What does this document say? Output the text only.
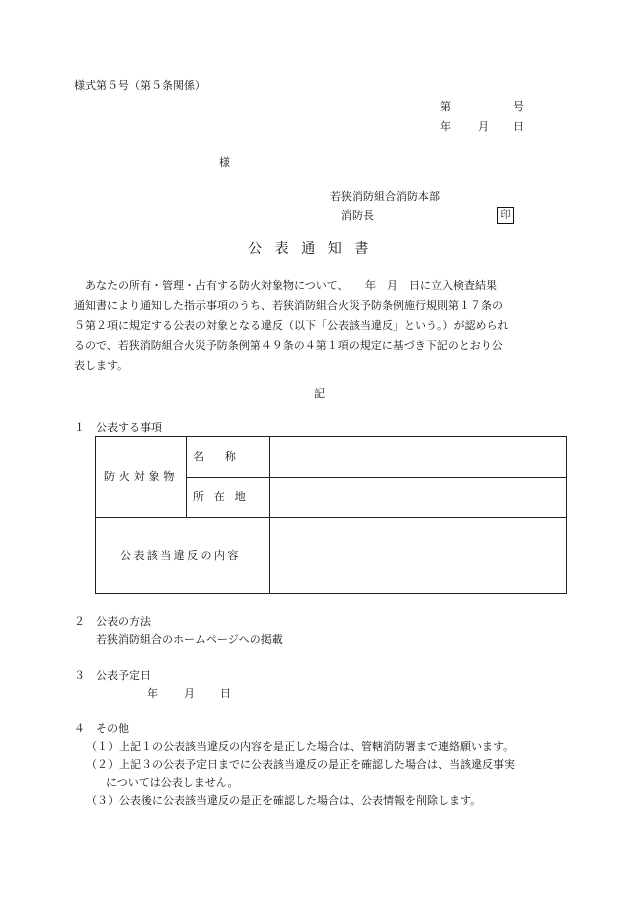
様式第５号（第５条関係）
第	号
年 月 日
様
若狭消防組合消防本部
消防長	印
公表通知書
あなたの所有・管理・占有する防火対象物について、　　年　月　日に立入検査結果
通知書により通知した指示事項のうち、若狭消防組合火災予防条例施行規則第１７条の
５第２項に規定する公表の対象となる違反（以下「公表該当違反」という。）が認められ
るので、若狭消防組合火災予防条例第４９条の４第１項の規定に基づき下記のとおり公
表します。
記
１　公表する事項
防火対象物
名称
所在地
公表該当違反の内容
２　公表の方法
若狭消防組合のホームページへの掲載
３　公表予定日
年 月 日
４　その他
（１）上記１の公表該当違反の内容を是正した場合は、管轄消防署まで連絡願います。
（２）上記３の公表予定日までに公表該当違反の是正を確認した場合は、当該違反事実
については公表しません。
（３）公表後に公表該当違反の是正を確認した場合は、公表情報を削除します。
